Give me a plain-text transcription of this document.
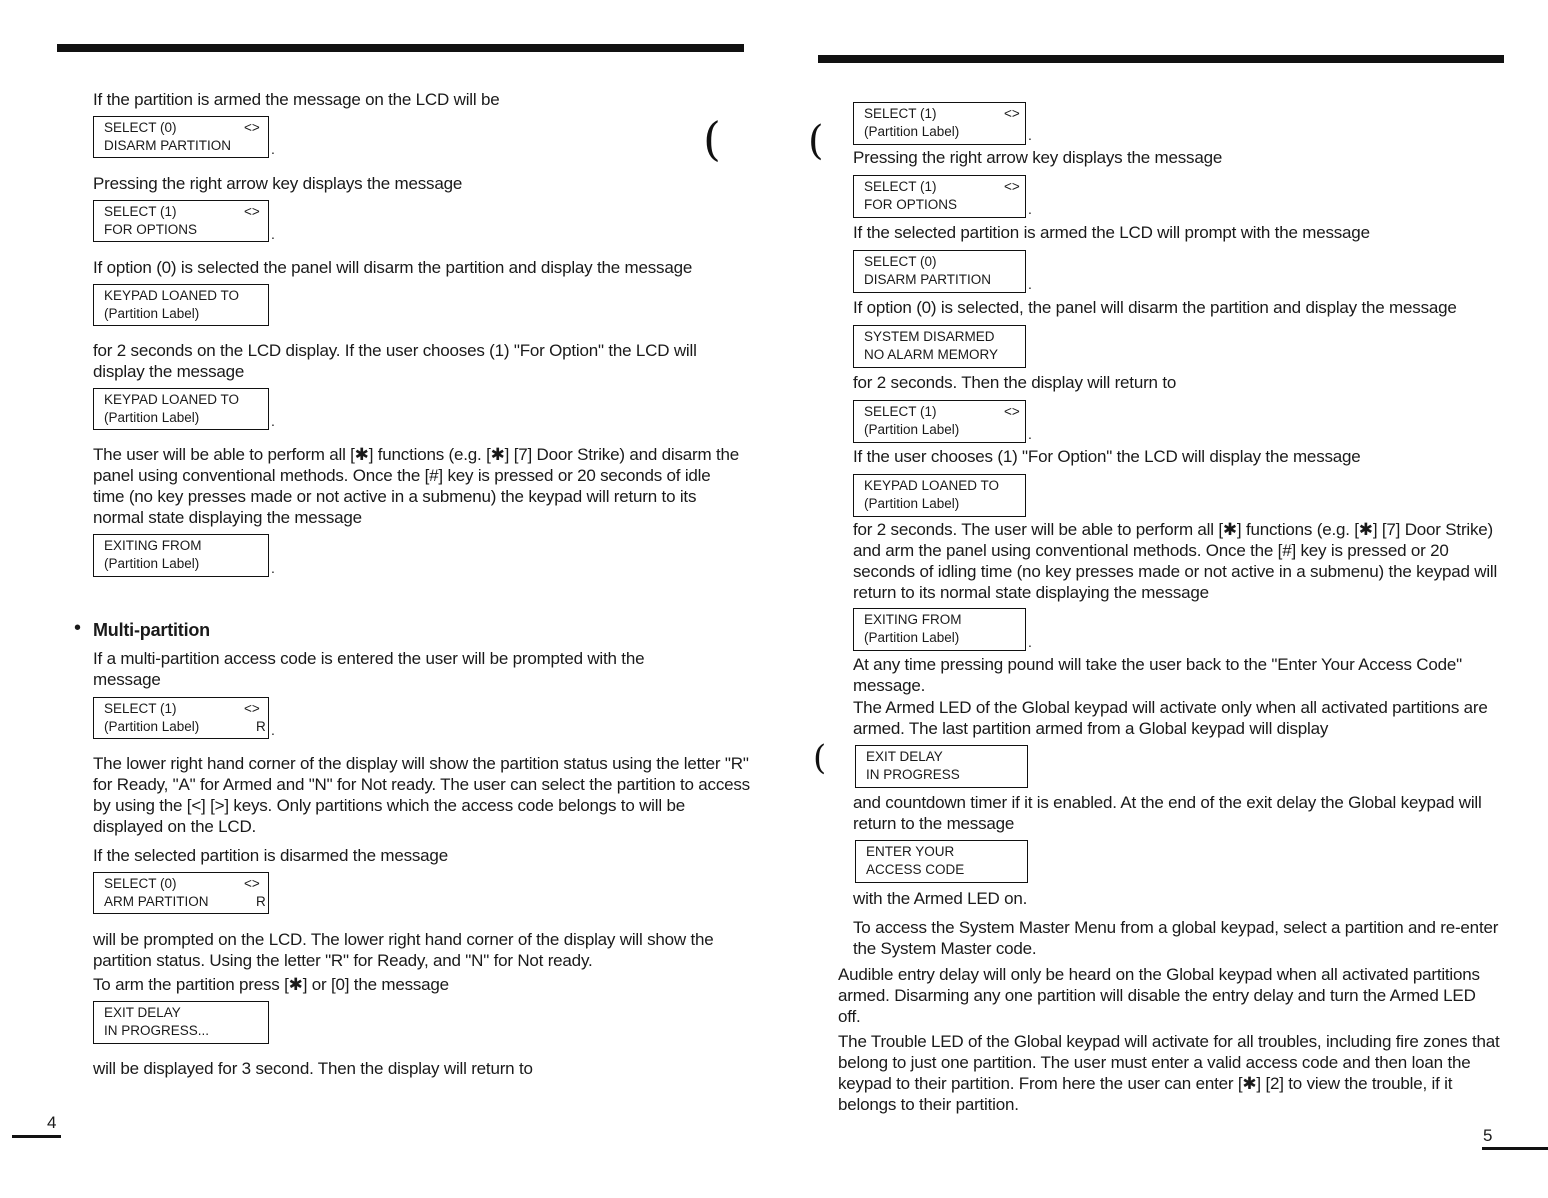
( (
(

If the partition is armed the message on the LCD will be

SELECT (0)	<>
DISARM PARTITION	.

Pressing the right arrow key displays the message

SELECT (1)	<>
FOR OPTIONS	.

If option (0) is selected the panel will disarm the partition and display the message

KEYPAD LOANED TO
(Partition Label)

for 2 seconds on the LCD display. If the user chooses (1) "For Option" the LCD will display the message

KEYPAD LOANED TO
(Partition Label)	.

The user will be able to perform all [✱] functions (e.g. [✱] [7] Door Strike) and disarm the panel using conventional methods. Once the [#] key is pressed or 20 seconds of idle time (no key presses made or not active in a submenu) the keypad will return to its normal state displaying the message

EXITING FROM
(Partition Label)	.
• Multi-partition

If a multi-partition access code is entered the user will be prompted with the message

SELECT (1)	<>
(Partition Label)	R .

The lower right hand corner of the display will show the partition status using the letter "R" for Ready, "A" for Armed and "N" for Not ready. The user can select the partition to access by using the [<] [>] keys. Only partitions which the access code belongs to will be displayed on the LCD.

If the selected partition is disarmed the message

SELECT (0)	<>
ARM PARTITION	R

will be prompted on the LCD. The lower right hand corner of the display will show the partition status. Using the letter "R" for Ready, and "N" for Not ready.

To arm the partition press [✱] or [0] the message

EXIT DELAY
IN PROGRESS...

will be displayed for 3 second. Then the display will return to

4
SELECT (1)	<>
(Partition Label)	.

Pressing the right arrow key displays the message

SELECT (1)	<>
FOR OPTIONS	.

If the selected partition is armed the LCD will prompt with the message

SELECT (0)
DISARM PARTITION	.

If option (0) is selected, the panel will disarm the partition and display the message

SYSTEM DISARMED
NO ALARM MEMORY

for 2 seconds. Then the display will return to

SELECT (1)	<>
(Partition Label)	.

If the user chooses (1) "For Option" the LCD will display the message

KEYPAD LOANED TO
(Partition Label)

for 2 seconds. The user will be able to perform all [✱] functions (e.g. [✱] [7] Door Strike) and arm the panel using conventional methods. Once the [#] key is pressed or 20 seconds of idling time (no key presses made or not active in a submenu) the keypad will return to its normal state displaying the message

EXITING FROM
(Partition Label)	.

At any time pressing pound will take the user back to the "Enter Your Access Code" message.

The Armed LED of the Global keypad will activate only when all activated partitions are armed. The last partition armed from a Global keypad will display

EXIT DELAY
IN PROGRESS

and countdown timer if it is enabled. At the end of the exit delay the Global keypad will return to the message

ENTER YOUR
ACCESS CODE

with the Armed LED on.

To access the System Master Menu from a global keypad, select a partition and re-enter the System Master code.

Audible entry delay will only be heard on the Global keypad when all activated partitions armed. Disarming any one partition will disable the entry delay and turn the Armed LED off.

The Trouble LED of the Global keypad will activate for all troubles, including fire zones that belong to just one partition. The user must enter a valid access code and then loan the keypad to their partition. From here the user can enter [✱] [2] to view the trouble, if it belongs to their partition.

5
